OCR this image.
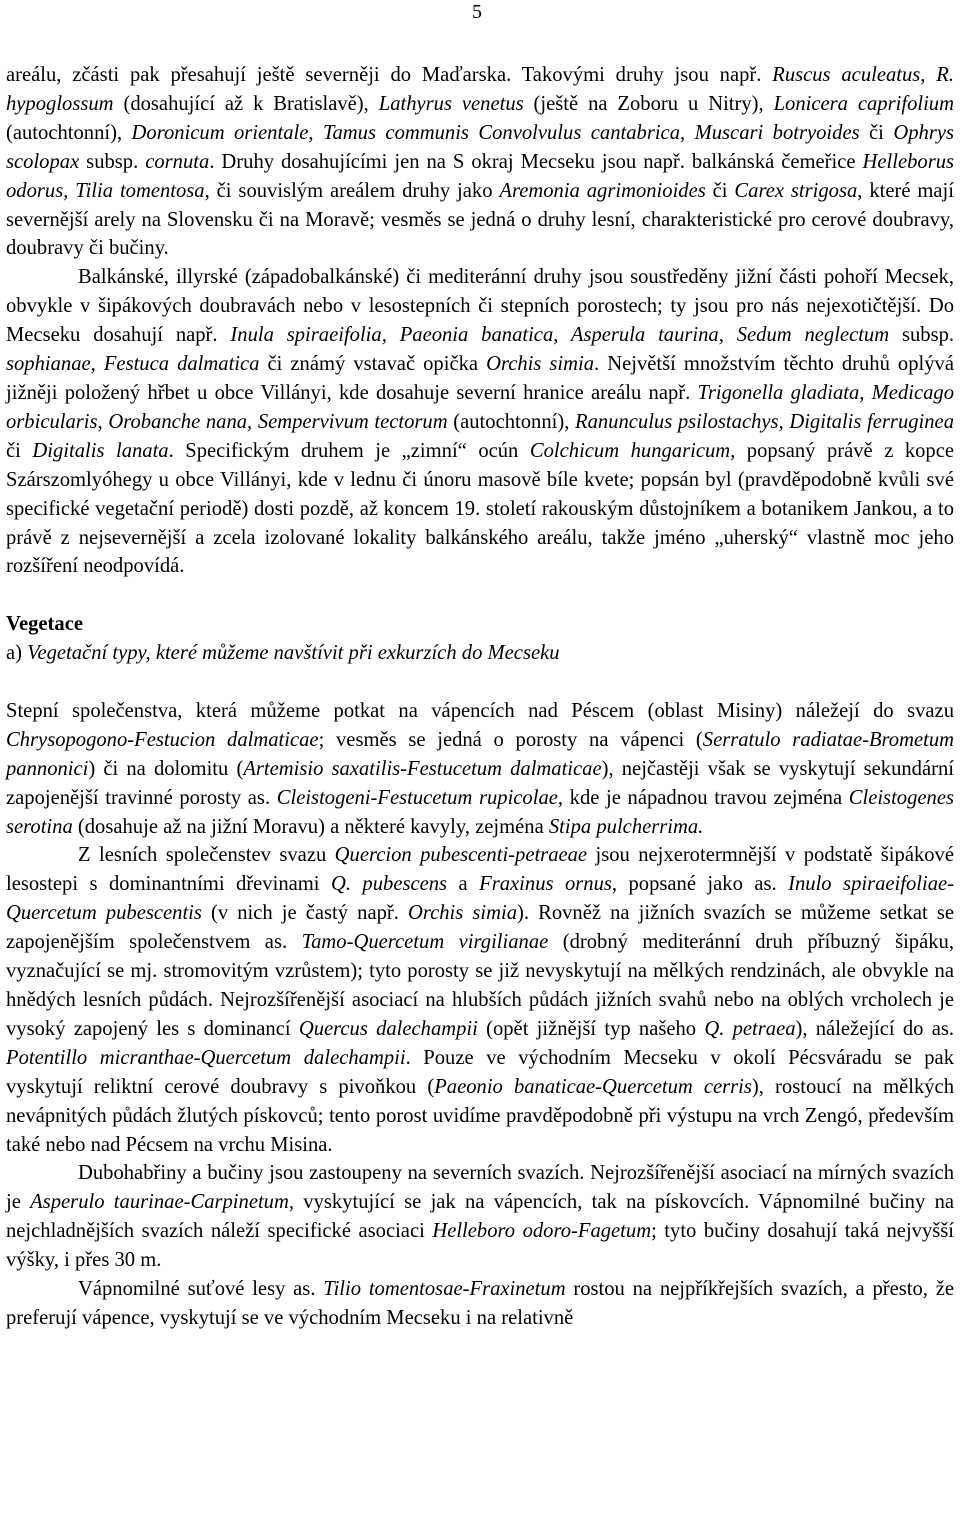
5

areálu, zčásti pak přesahují ještě severněji do Maďarska. Takovými druhy jsou např. Ruscus aculeatus, R. hypoglossum (dosahující až k Bratislavě), Lathyrus venetus (ještě na Zoboru u Nitry), Lonicera caprifolium (autochtonní), Doronicum orientale, Tamus communis Convolvulus cantabrica, Muscari botryoides či Ophrys scolopax subsp. cornuta. Druhy dosahujícími jen na S okraj Mecseku jsou např. balkánská čemeřice Helleborus odorus, Tilia tomentosa, či souvislým areálem druhy jako Aremonia agrimonioides či Carex strigosa, které mají severnější arely na Slovensku či na Moravě; vesměs se jedná o druhy lesní, charakteristické pro cerové doubravy, doubravy či bučiny.

Balkánské, illyrské (západobalkánské) či mediteránní druhy jsou soustředěny jižní části pohoří Mecsek, obvykle v šipákových doubravách nebo v lesostepních či stepních porostech; ty jsou pro nás nejexotičtější. Do Mecseku dosahují např. Inula spiraeifolia, Paeonia banatica, Asperula taurina, Sedum neglectum subsp. sophianae, Festuca dalmatica či známý vstavač opička Orchis simia. Největší množstvím těchto druhů oplývá jižněji položený hřbet u obce Villányi, kde dosahuje severní hranice areálu např. Trigonella gladiata, Medicago orbicularis, Orobanche nana, Sempervivum tectorum (autochtonní), Ranunculus psilostachys, Digitalis ferruginea či Digitalis lanata. Specifickým druhem je „zimní“ ocún Colchicum hungaricum, popsaný právě z kopce Szárszomlyóhegy u obce Villányi, kde v lednu či únoru masově bíle kvete; popsán byl (pravděpodobně kvůli své specifické vegetační periodě) dosti pozdě, až koncem 19. století rakouským důstojníkem a botanikem Jankou, a to právě z nejsevernější a zcela izolované lokality balkánského areálu, takže jméno „uherský“ vlastně moc jeho rozšíření neodpovídá.

Vegetace

a) Vegetační typy, které můžeme navštívit při exkurzích do Mecseku

Stepní společenstva, která můžeme potkat na vápencích nad Péscem (oblast Misiny) náležejí do svazu Chrysopogono-Festucion dalmaticae; vesměs se jedná o porosty na vápenci (Serratulo radiatae-Brometum pannonici) či na dolomitu (Artemisio saxatilis-Festucetum dalmaticae), nejčastěji však se vyskytují sekundární zapojenější travinné porosty as. Cleistogeni-Festucetum rupicolae, kde je nápadnou travou zejména Cleistogenes serotina (dosahuje až na jižní Moravu) a některé kavyly, zejména Stipa pulcherrima.

Z lesních společenstev svazu Quercion pubescenti-petraeae jsou nejxerotermnější v podstatě šipákové lesostepi s dominantními dřevinami Q. pubescens a Fraxinus ornus, popsané jako as. Inulo spiraeifoliae-Quercetum pubescentis (v nich je častý např. Orchis simia). Rovněž na jižních svazích se můžeme setkat se zapojenějším společenstvem as. Tamo-Quercetum virgilianae (drobný mediteránní druh příbuzný šipáku, vyznačující se mj. stromovitým vzrůstem); tyto porosty se již nevyskytují na mělkých rendzinách, ale obvykle na hnědých lesních půdách. Nejrozšířenější asociací na hlubších půdách jižních svahů nebo na oblých vrcholech je vysoký zapojený les s dominancí Quercus dalechampii (opět jižnější typ našeho Q. petraea), náležející do as. Potentillo micranthae-Quercetum dalechampii. Pouze ve východním Mecseku v okolí Pécsváradu se pak vyskytují reliktní cerové doubravy s pivoňkou (Paeonio banaticae-Quercetum cerris), rostoucí na mělkých nevápnitých půdách žlutých pískovců; tento porost uvidíme pravděpodobně při výstupu na vrch Zengó, především také nebo nad Pécsem na vrchu Misina.

Dubohabřiny a bučiny jsou zastoupeny na severních svazích. Nejrozšířenější asociací na mírných svazích je Asperulo taurinae-Carpinetum, vyskytující se jak na vápencích, tak na pískovcích. Vápnomilné bučiny na nejchladnějších svazích náleží specifické asociaci Helleboro odoro-Fagetum; tyto bučiny dosahují taká nejvyšší výšky, i přes 30 m.

Vápnomilné suťové lesy as. Tilio tomentosae-Fraxinetum rostou na nejpříkřejších svazích, a přesto, že preferují vápence, vyskytují se ve východním Mecseku i na relativně
